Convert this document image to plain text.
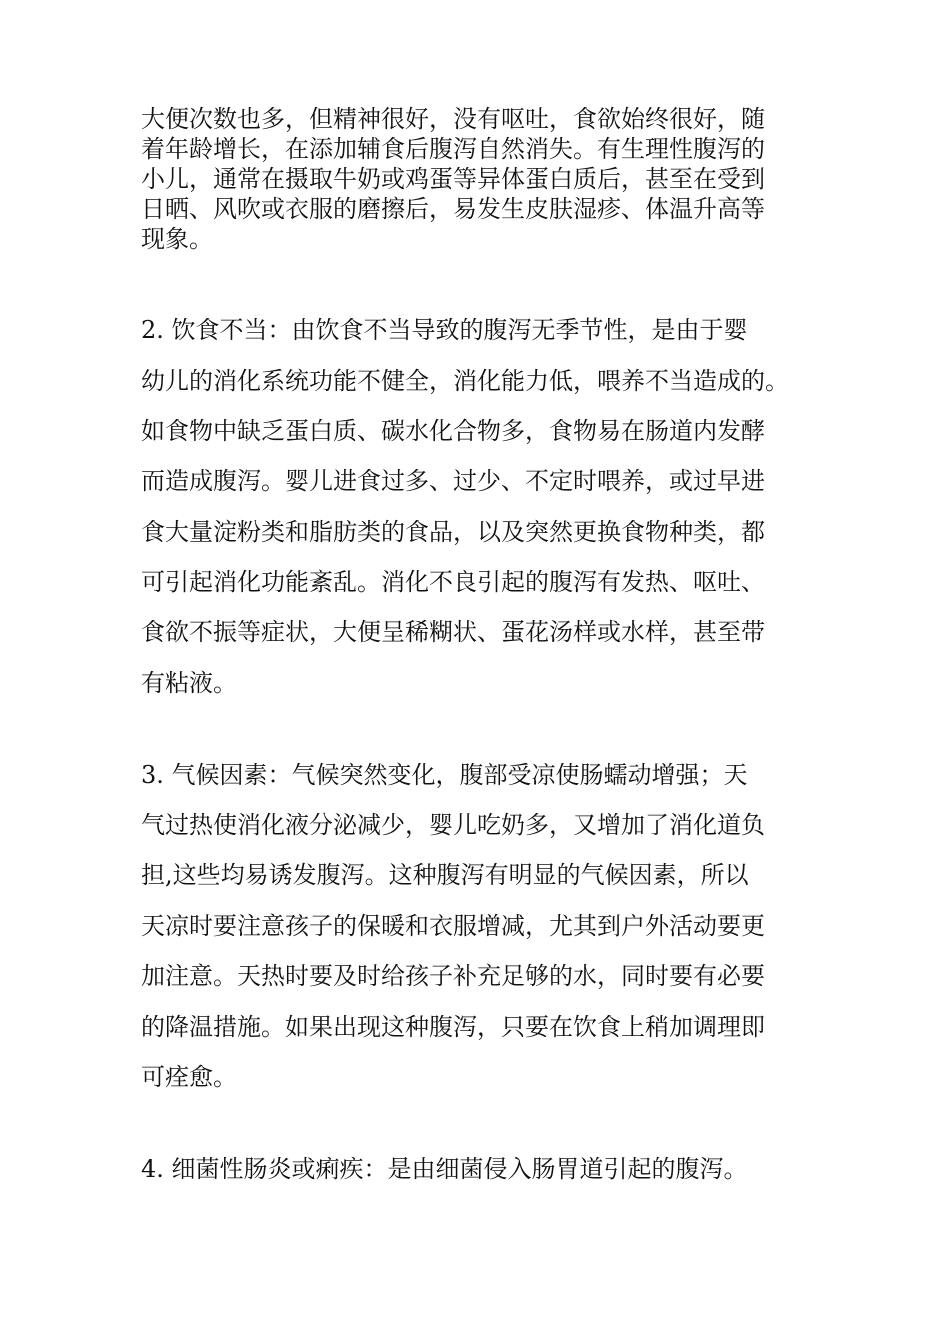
大便次数也多，但精神很好，没有呕吐，食欲始终很好，随

着年龄增长，在添加辅食后腹泻自然消失。有生理性腹泻的

小儿，通常在摄取牛奶或鸡蛋等异体蛋白质后，甚至在受到

日晒、风吹或衣服的磨擦后，易发生皮肤湿疹、体温升高等

现象。

2. 饮食不当：由饮食不当导致的腹泻无季节性，是由于婴

幼儿的消化系统功能不健全，消化能力低，喂养不当造成的。

如食物中缺乏蛋白质、碳水化合物多，食物易在肠道内发酵

而造成腹泻。婴儿进食过多、过少、不定时喂养，或过早进

食大量淀粉类和脂肪类的食品，以及突然更换食物种类，都

可引起消化功能紊乱。消化不良引起的腹泻有发热、呕吐、

食欲不振等症状，大便呈稀糊状、蛋花汤样或水样，甚至带

有粘液。

3. 气候因素：气候突然变化，腹部受凉使肠蠕动增强；天

气过热使消化液分泌减少，婴儿吃奶多，又增加了消化道负

担,这些均易诱发腹泻。这种腹泻有明显的气候因素，所以

天凉时要注意孩子的保暖和衣服增减，尤其到户外活动要更

加注意。天热时要及时给孩子补充足够的水，同时要有必要

的降温措施。如果出现这种腹泻，只要在饮食上稍加调理即

可痊愈。

4. 细菌性肠炎或痢疾：是由细菌侵入肠胃道引起的腹泻。
